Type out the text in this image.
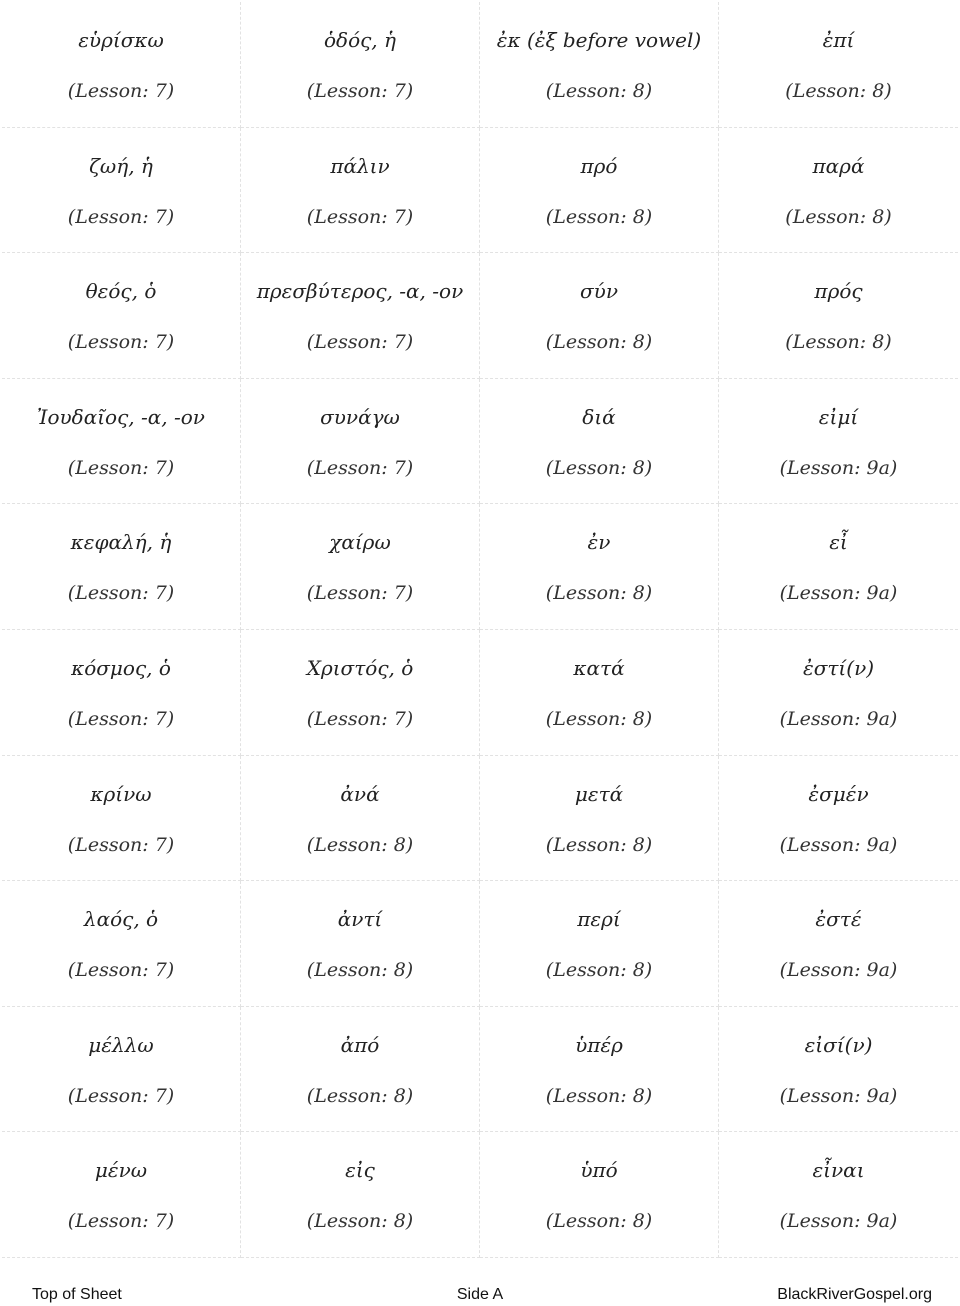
εὑρίσκω
(Lesson: 7)
ὁδός, ἡ
(Lesson: 7)
ἐκ (ἐξ before vowel)
(Lesson: 8)
ἐπί
(Lesson: 8)
ζωή, ἡ
(Lesson: 7)
πάλιν
(Lesson: 7)
πρό
(Lesson: 8)
παρά
(Lesson: 8)
θεός, ὁ
(Lesson: 7)
πρεσβύτερος, -α, -ον
(Lesson: 7)
σύν
(Lesson: 8)
πρός
(Lesson: 8)
Ἰουδαῖος, -α, -ον
(Lesson: 7)
συνάγω
(Lesson: 7)
διά
(Lesson: 8)
εἰμί
(Lesson: 9a)
κεφαλή, ἡ
(Lesson: 7)
χαίρω
(Lesson: 7)
ἐν
(Lesson: 8)
εἶ
(Lesson: 9a)
κόσμος, ὁ
(Lesson: 7)
Χριστός, ὁ
(Lesson: 7)
κατά
(Lesson: 8)
ἐστί(ν)
(Lesson: 9a)
κρίνω
(Lesson: 7)
ἀνά
(Lesson: 8)
μετά
(Lesson: 8)
ἐσμέν
(Lesson: 9a)
λαός, ὁ
(Lesson: 7)
ἀντί
(Lesson: 8)
περί
(Lesson: 8)
ἐστέ
(Lesson: 9a)
μέλλω
(Lesson: 7)
ἀπό
(Lesson: 8)
ὑπέρ
(Lesson: 8)
εἰσί(ν)
(Lesson: 9a)
μένω
(Lesson: 7)
εἰς
(Lesson: 8)
ὑπό
(Lesson: 8)
εἶναι
(Lesson: 9a)
Top of Sheet	Side A	BlackRiverGospel.org
